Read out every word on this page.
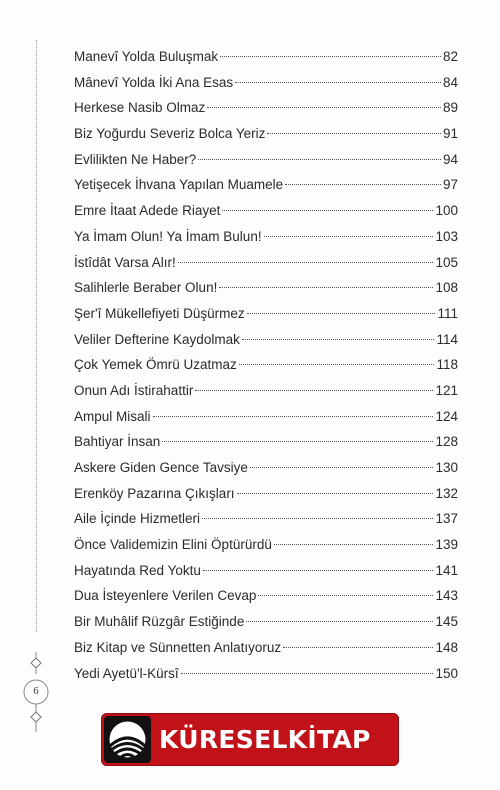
Manevî Yolda Buluşmak	82
Mânevî Yolda İki Ana Esas	84
Herkese Nasib Olmaz	89
Biz Yoğurdu Severiz Bolca Yeriz	91
Evlilikten Ne Haber?	94
Yetişecek İhvana Yapılan Muamele	97
Emre İtaat Adede Riayet	100
Ya İmam Olun! Ya İmam Bulun!	103
İstîdât Varsa Alır!	105
Salihlerle Beraber Olun!	108
Şer'î Mükellefiyeti Düşürmez	111
Veliler Defterine Kaydolmak	114
Çok Yemek Ömrü Uzatmaz	118
Onun Adı İstirahattir	121
Ampul Misali	124
Bahtiyar İnsan	128
Askere Giden Gence Tavsiye	130
Erenköy Pazarına Çıkışları	132
Aile İçinde Hizmetleri	137
Önce Validemizin Elini Öptürürdü	139
Hayatında Red Yoktu	141
Dua İsteyenlere Verilen Cevap	143
Bir Muhâlif Rüzgâr Estiğinde	145
Biz Kitap ve Sünnetten Anlatıyoruz	148
Yedi Ayetü'l-Kürsî	150
6
KÜRESELKİTAP
